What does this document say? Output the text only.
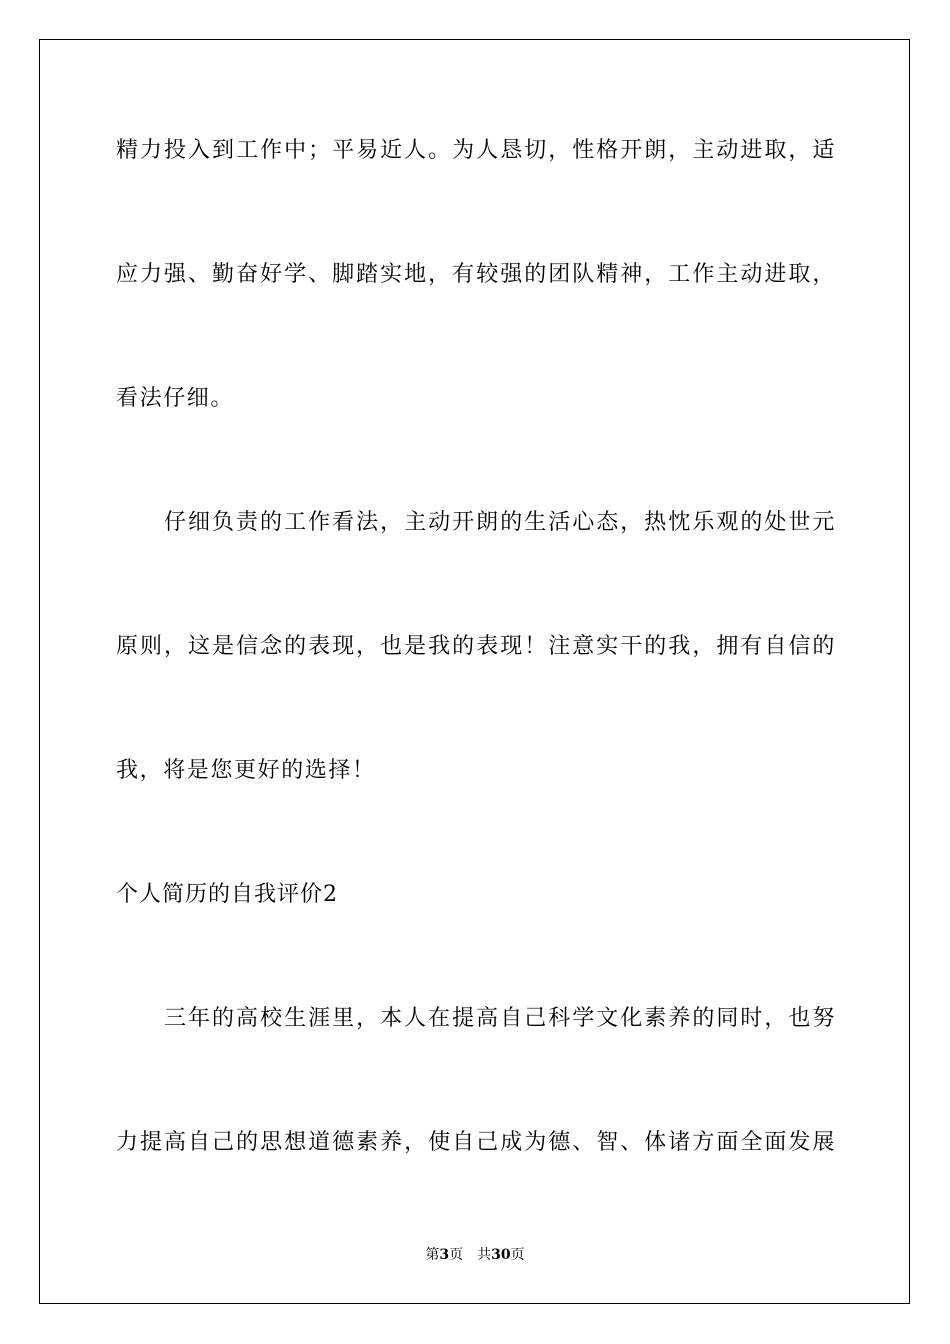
精力投入到工作中；平易近人。为人恳切，性格开朗，主动进取，适
应力强、勤奋好学、脚踏实地，有较强的团队精神，工作主动进取，
看法仔细。
仔细负责的工作看法，主动开朗的生活心态，热忱乐观的处世元
原则，这是信念的表现，也是我的表现！注意实干的我，拥有自信的
我，将是您更好的选择！
个人简历的自我评价2
三年的高校生涯里，本人在提高自己科学文化素养的同时，也努
力提高自己的思想道德素养，使自己成为德、智、体诸方面全面发展
第3页 共30页
